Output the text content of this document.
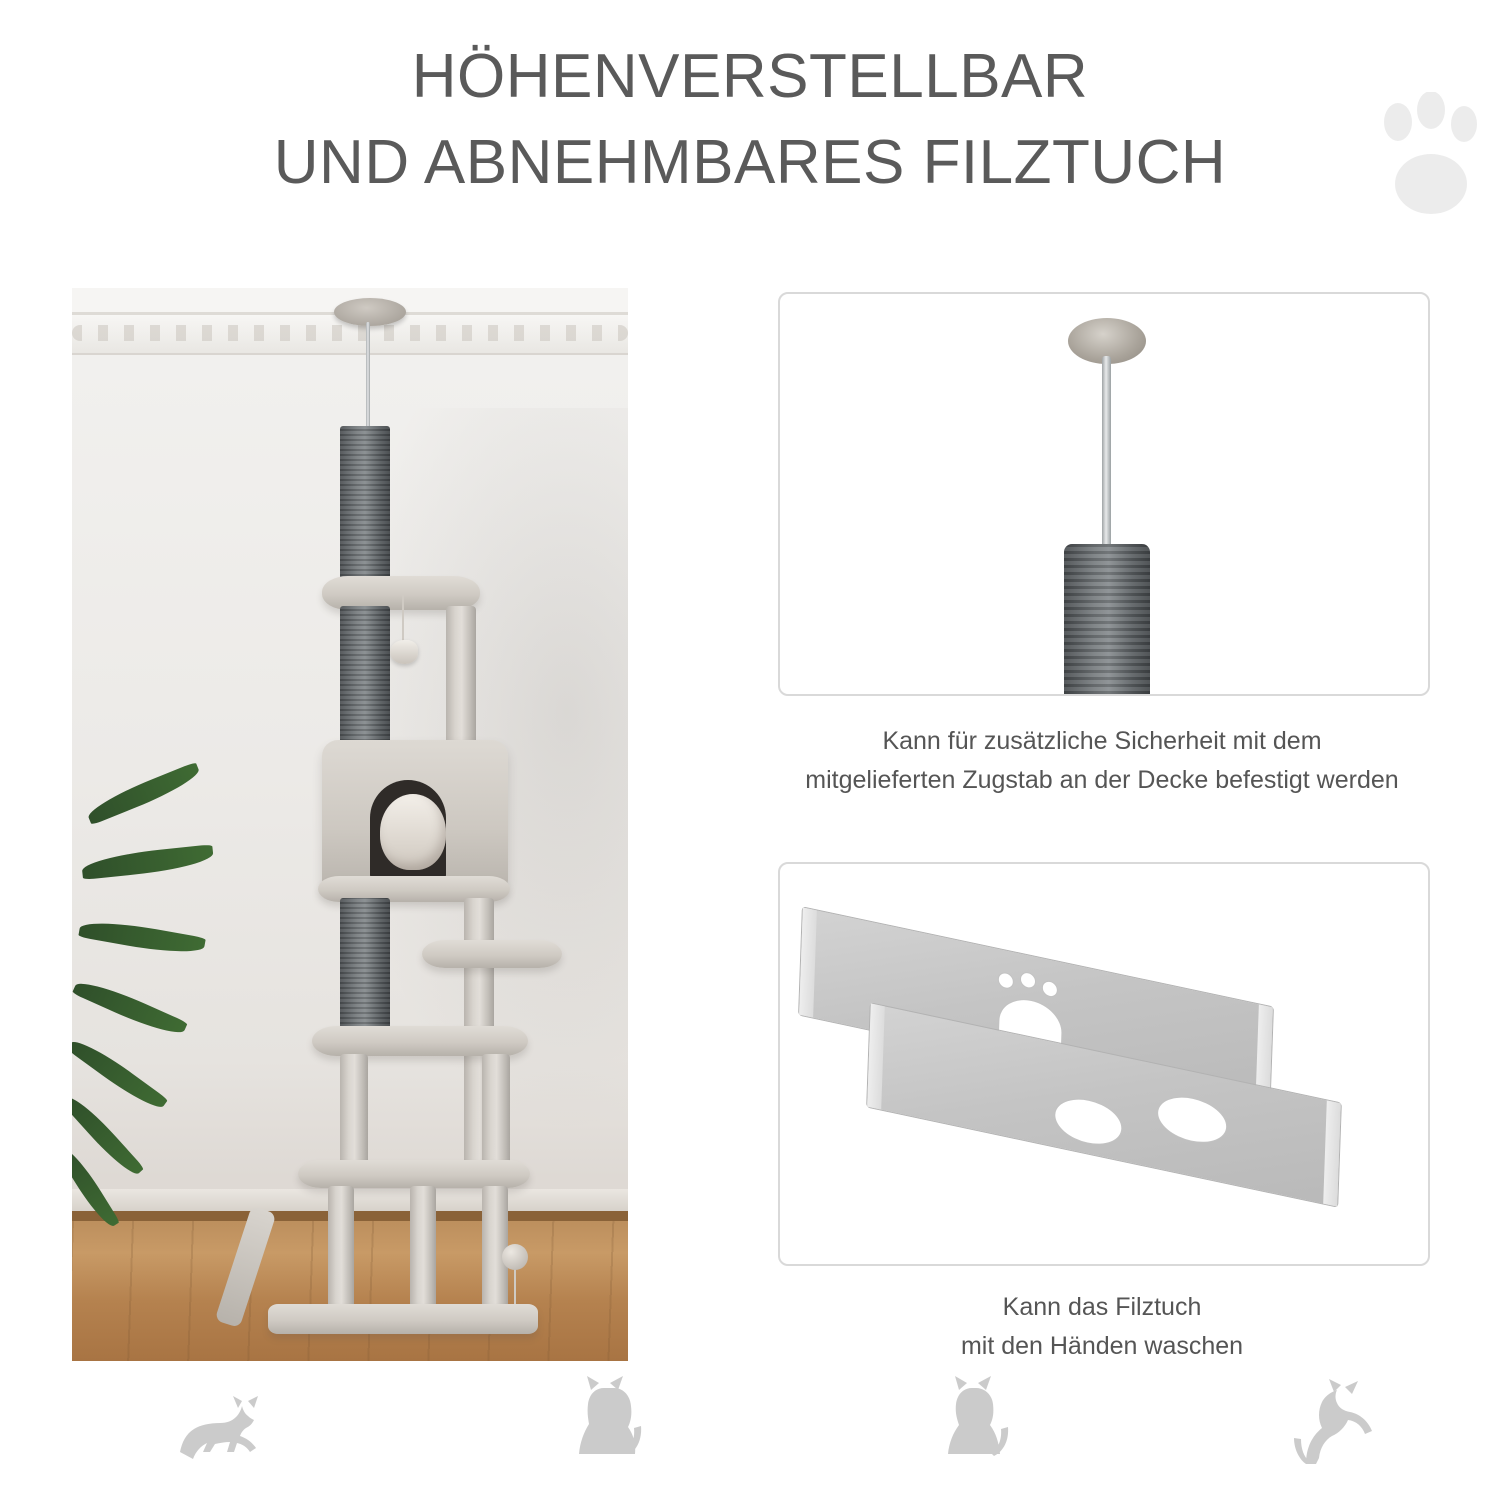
HÖHENVERSTELLBAR
UND ABNEHMBARES FILZTUCH
Kann für zusätzliche Sicherheit mit dem
mitgelieferten Zugstab an der Decke befestigt werden
Kann das Filztuch
mit den Händen waschen
